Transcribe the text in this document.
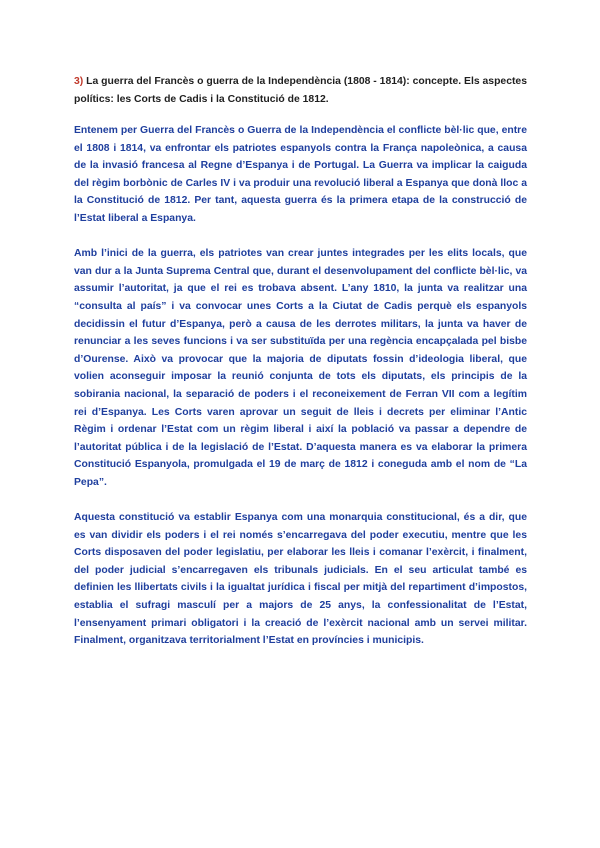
3) La guerra del Francès o guerra de la Independència (1808 - 1814): concepte. Els aspectes polítics: les Corts de Cadis i la Constitució de 1812.

Entenem per Guerra del Francès o Guerra de la Independència el conflicte bèl·lic que, entre el 1808 i 1814, va enfrontar els patriotes espanyols contra la França napoleònica, a causa de la invasió francesa al Regne d’Espanya i de Portugal. La Guerra va implicar la caiguda del règim borbònic de Carles IV i va produir una revolució liberal a Espanya que donà lloc a la Constitució de 1812. Per tant, aquesta guerra és la primera etapa de la construcció de l’Estat liberal a Espanya.

Amb l’inici de la guerra, els patriotes van crear juntes integrades per les elits locals, que van dur a la Junta Suprema Central que, durant el desenvolupament del conflicte bèl·lic, va assumir l’autoritat, ja que el rei es trobava absent. L’any 1810, la junta va realitzar una “consulta al país” i va convocar unes Corts a la Ciutat de Cadis perquè els espanyols decidissin el futur d’Espanya, però a causa de les derrotes militars, la junta va haver de renunciar a les seves funcions i va ser substituïda per una regència encapçalada pel bisbe d’Ourense. Això va provocar que la majoria de diputats fossin d’ideologia liberal, que volien aconseguir imposar la reunió conjunta de tots els diputats, els principis de la sobirania nacional, la separació de poders i el reconeixement de Ferran VII com a legítim rei d’Espanya. Les Corts varen aprovar un seguit de lleis i decrets per eliminar l’Antic Règim i ordenar l’Estat com un règim liberal i així la població va passar a dependre de l’autoritat pública i de la legislació de l’Estat. D’aquesta manera es va elaborar la primera Constitució Espanyola, promulgada el 19 de març de 1812 i coneguda amb el nom de “La Pepa”.

Aquesta constitució va establir Espanya com una monarquia constitucional, és a dir, que es van dividir els poders i el rei només s’encarregava del poder executiu, mentre que les Corts disposaven del poder legislatiu, per elaborar les lleis i comanar l’exèrcit, i finalment, del poder judicial s’encarregaven els tribunals judicials. En el seu articulat també es definien les llibertats civils i la igualtat jurídica i fiscal per mitjà del repartiment d’impostos, establia el sufragi masculí per a majors de 25 anys, la confessionalitat de l’Estat, l’ensenyament primari obligatori i la creació de l’exèrcit nacional amb un servei militar. Finalment, organitzava territorialment l’Estat en províncies i municipis.
